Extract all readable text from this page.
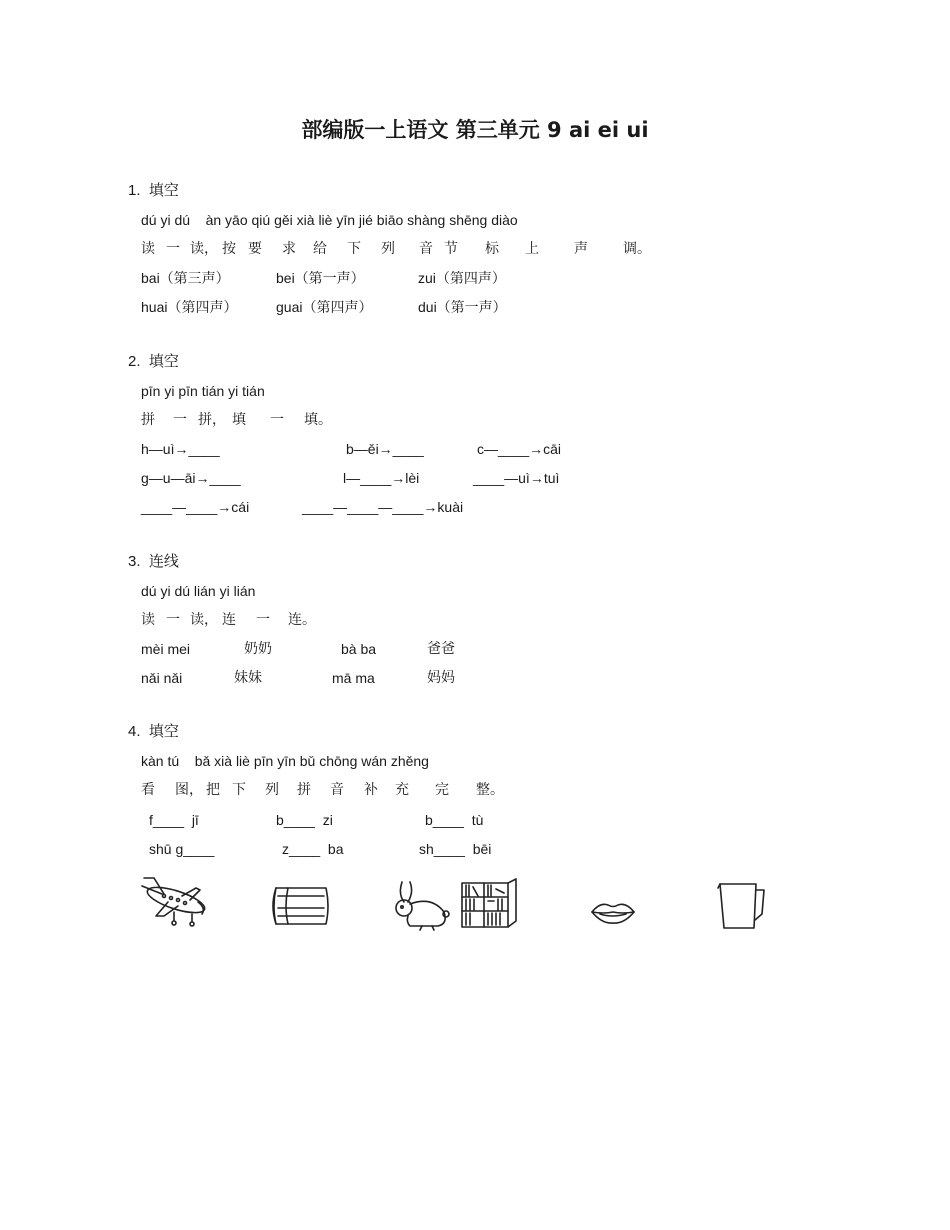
部编版一上语文 第三单元 9 ai ei ui
1.  填空
dú yi dú    àn yāo qiú gěi xià liè yīn jié biāo shàng shēng diào
读 一 读， 按 要 求 给 下 列 音 节 标 上	声	调。
bai（第三声）	bei（第一声）	zui（第四声）
huai（第四声）	guai（第四声）	dui（第一声）
2.  填空
pīn yi pīn tián yi tián
拼 一 拼， 填 一 填。
h—uì→____	b—ěi→____	c—____→cāi
g—u—āi→____	l—____→lèi	____—uì→tuì
____—____→cái	____—____—____→kuài
3.  连线
dú yi dú lián yi lián
读 一 读， 连 一 连。
mèi mei	奶奶	bà ba	爸爸
nǎi nǎi	妹妹	mā ma	妈妈
4.  填空
kàn tú    bǎ xià liè pīn yīn bǔ chōng wán zhěng
看 图， 把 下 列 拼 音 补 充 完 整。
f____  jī	b____  zi	b____  tù
shū g____	z____  ba	sh____  bēi
